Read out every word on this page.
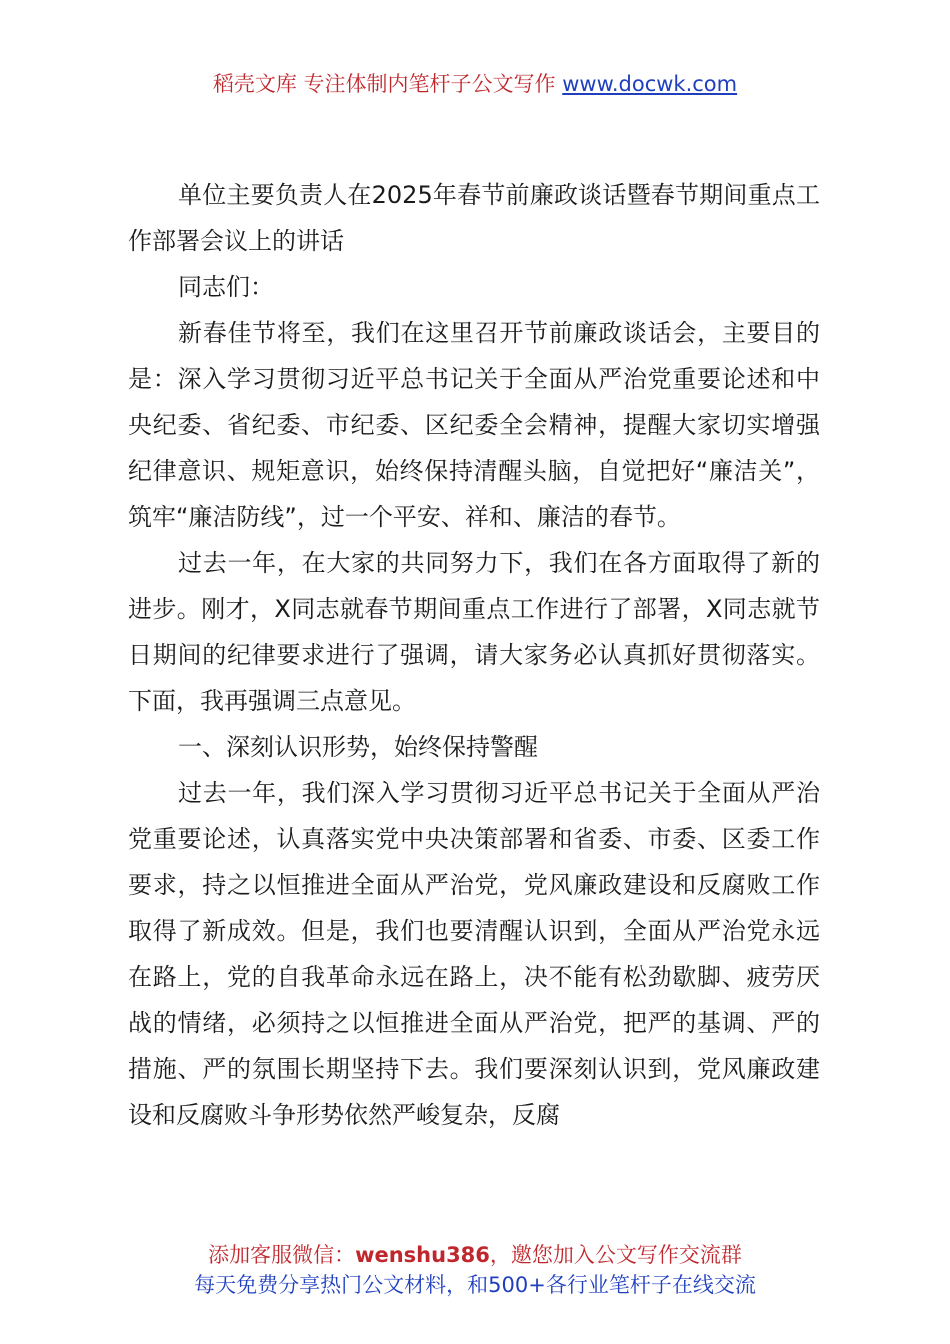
稻壳文库 专注体制内笔杆子公文写作 www.docwk.com

单位主要负责人在2025年春节前廉政谈话暨春节期间重点工作部署会议上的讲话

同志们：

新春佳节将至，我们在这里召开节前廉政谈话会，主要目的是：深入学习贯彻习近平总书记关于全面从严治党重要论述和中央纪委、省纪委、市纪委、区纪委全会精神，提醒大家切实增强纪律意识、规矩意识，始终保持清醒头脑，自觉把好“廉洁关”，筑牢“廉洁防线”，过一个平安、祥和、廉洁的春节。

过去一年，在大家的共同努力下，我们在各方面取得了新的进步。刚才，X同志就春节期间重点工作进行了部署，X同志就节日期间的纪律要求进行了强调，请大家务必认真抓好贯彻落实。下面，我再强调三点意见。

一、深刻认识形势，始终保持警醒

过去一年，我们深入学习贯彻习近平总书记关于全面从严治党重要论述，认真落实党中央决策部署和省委、市委、区委工作要求，持之以恒推进全面从严治党，党风廉政建设和反腐败工作取得了新成效。但是，我们也要清醒认识到，全面从严治党永远在路上，党的自我革命永远在路上，决不能有松劲歇脚、疲劳厌战的情绪，必须持之以恒推进全面从严治党，把严的基调、严的措施、严的氛围长期坚持下去。我们要深刻认识到，党风廉政建设和反腐败斗争形势依然严峻复杂，反腐

添加客服微信：wenshu386，邀您加入公文写作交流群
每天免费分享热门公文材料，和500+各行业笔杆子在线交流
